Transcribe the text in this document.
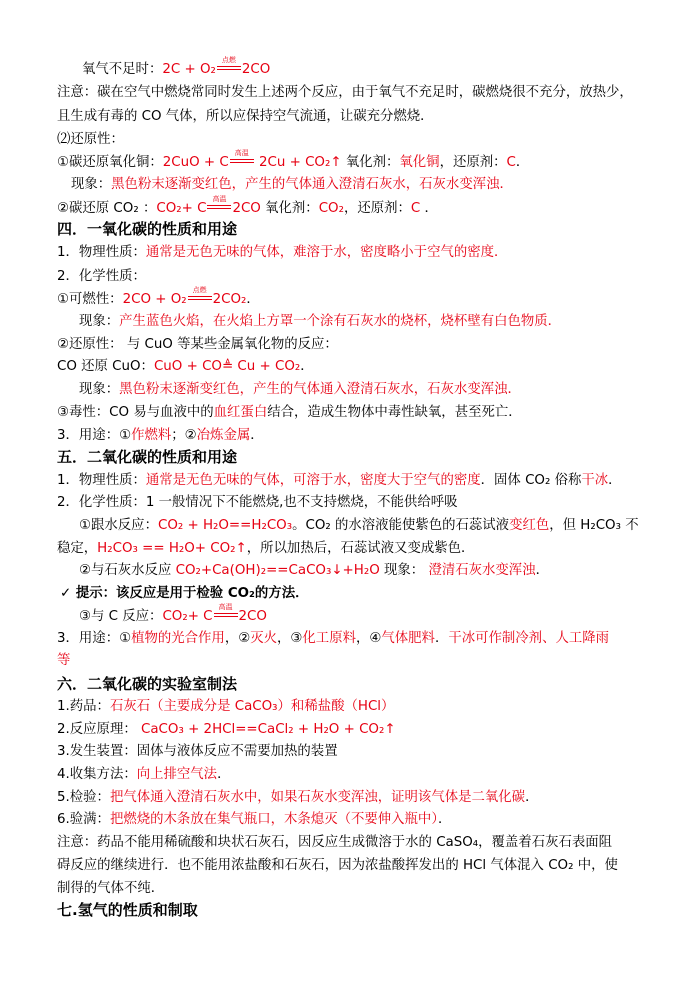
氧气不足时：2C + O₂
点燃
2CO
注意：碳在空气中燃烧常同时发生上述两个反应，由于氧气不充足时，碳燃烧很不充分，放热少，
且生成有毒的 CO 气体，所以应保持空气流通，让碳充分燃烧．
⑵还原性：
①碳还原氧化铜：2CuO + C
高温
2Cu + CO₂↑ 氧化剂：氧化铜，还原剂：C．
现象：黑色粉末逐渐变红色，产生的气体通入澄清石灰水，石灰水变浑浊．
②碳还原 CO₂ ：CO₂+ C
高温
2CO 氧化剂：CO₂，还原剂：C ．
四．一氧化碳的性质和用途
1．物理性质：通常是无色无味的气体，难溶于水，密度略小于空气的密度．
2．化学性质：
①可燃性：2CO + O₂
点燃
2CO₂．
现象：产生蓝色火焰，在火焰上方罩一个涂有石灰水的烧杯，烧杯壁有白色物质．
②还原性： 与 CuO 等某些金属氧化物的反应：
CO 还原 CuO：CuO + CO≜ Cu + CO₂．
现象：黑色粉末逐渐变红色，产生的气体通入澄清石灰水，石灰水变浑浊．
③毒性：CO 易与血液中的血红蛋白结合，造成生物体中毒性缺氧，甚至死亡．
3．用途：①作燃料；②冶炼金属．
五．二氧化碳的性质和用途
1．物理性质：通常是无色无味的气体，可溶于水，密度大于空气的密度．固体 CO₂ 俗称干冰．
2．化学性质：1 一般情况下不能燃烧,也不支持燃烧，不能供给呼吸
①跟水反应：CO₂ + H₂O==H₂CO₃。CO₂ 的水溶液能使紫色的石蕊试液变红色，但 H₂CO₃ 不
稳定，H₂CO₃ == H₂O+ CO₂↑，所以加热后，石蕊试液又变成紫色．
②与石灰水反应 CO₂+Ca(OH)₂==CaCO₃↓+H₂O 现象： 澄清石灰水变浑浊．
✓ 提示：该反应是用于检验 CO₂的方法．
③与 C 反应：CO₂+ C
高温
2CO
3．用途：①植物的光合作用，②灭火，③化工原料，④气体肥料．干冰可作制冷剂、人工降雨
等
六．二氧化碳的实验室制法
1.药品：石灰石（主要成分是 CaCO₃）和稀盐酸（HCl）
2.反应原理： CaCO₃ + 2HCl==CaCl₂ + H₂O + CO₂↑
3.发生装置：固体与液体反应不需要加热的装置
4.收集方法：向上排空气法．
5.检验：把气体通入澄清石灰水中，如果石灰水变浑浊，证明该气体是二氧化碳．
6.验满：把燃烧的木条放在集气瓶口，木条熄灭（不要伸入瓶中）．
注意：药品不能用稀硫酸和块状石灰石，因反应生成微溶于水的 CaSO₄，覆盖着石灰石表面阻
碍反应的继续进行．也不能用浓盐酸和石灰石，因为浓盐酸挥发出的 HCl 气体混入 CO₂ 中，使
制得的气体不纯．
七.氢气的性质和制取
